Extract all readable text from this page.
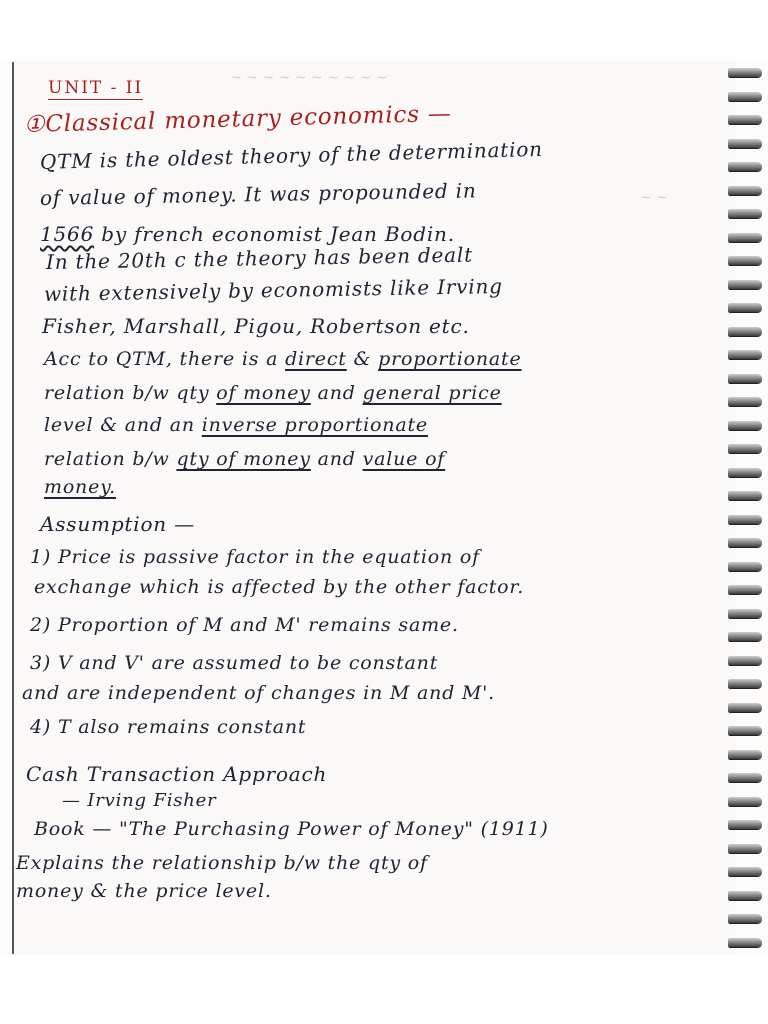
~ ~ ~ ~ ~ ~ ~ ~ ~ ~
~ ~
UNIT - II
①Classical monetary economics —
QTM is the oldest theory of the determination
of value of money. It was propounded in
1566 by french economist Jean Bodin.
In the 20th c the theory has been dealt
with extensively by economists like Irving
Fisher, Marshall, Pigou, Robertson etc.
Acc to QTM, there is a direct & proportionate
relation b/w qty of money and general price
level & and an inverse proportionate
relation b/w qty of money and value of
money.
Assumption —
1) Price is passive factor in the equation of
exchange which is affected by the other factor.
2) Proportion of M and M' remains same.
3) V and V' are assumed to be constant
and are independent of changes in M and M'.
4) T also remains constant
Cash Transaction Approach
— Irving Fisher
Book — "The Purchasing Power of Money" (1911)
Explains the relationship b/w the qty of
money & the price level.
